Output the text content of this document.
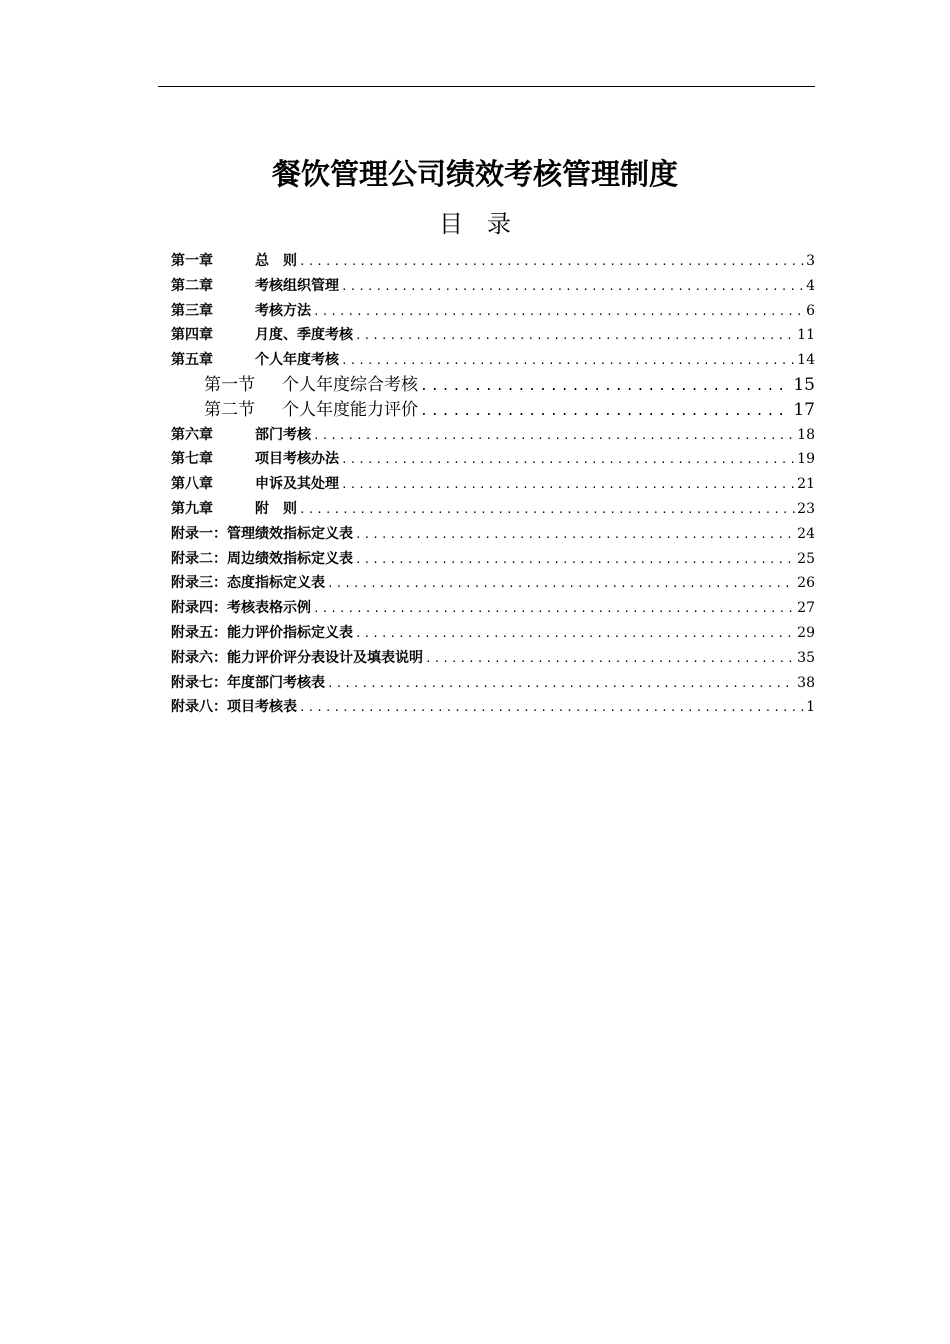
餐饮管理公司绩效考核管理制度
目　录
第一章	总　则 .....	3
第二章	考核组织管理 .....	4
第三章	考核方法 .....	6
第四章	月度、季度考核 .....	11
第五章	个人年度考核 .....	14
第一节 个人年度综合考核 .....	15
第二节 个人年度能力评价 .....	17
第六章	部门考核 .....	18
第七章	项目考核办法 .....	19
第八章	申诉及其处理 .....	21
第九章	附　则 .....	23
附录一：管理绩效指标定义表 .....	24
附录二：周边绩效指标定义表 .....	25
附录三：态度指标定义表 .....	26
附录四：考核表格示例 .....	27
附录五：能力评价指标定义表 .....	29
附录六：能力评价评分表设计及填表说明 .....	35
附录七：年度部门考核表 .....	38
附录八：项目考核表 .....	1
